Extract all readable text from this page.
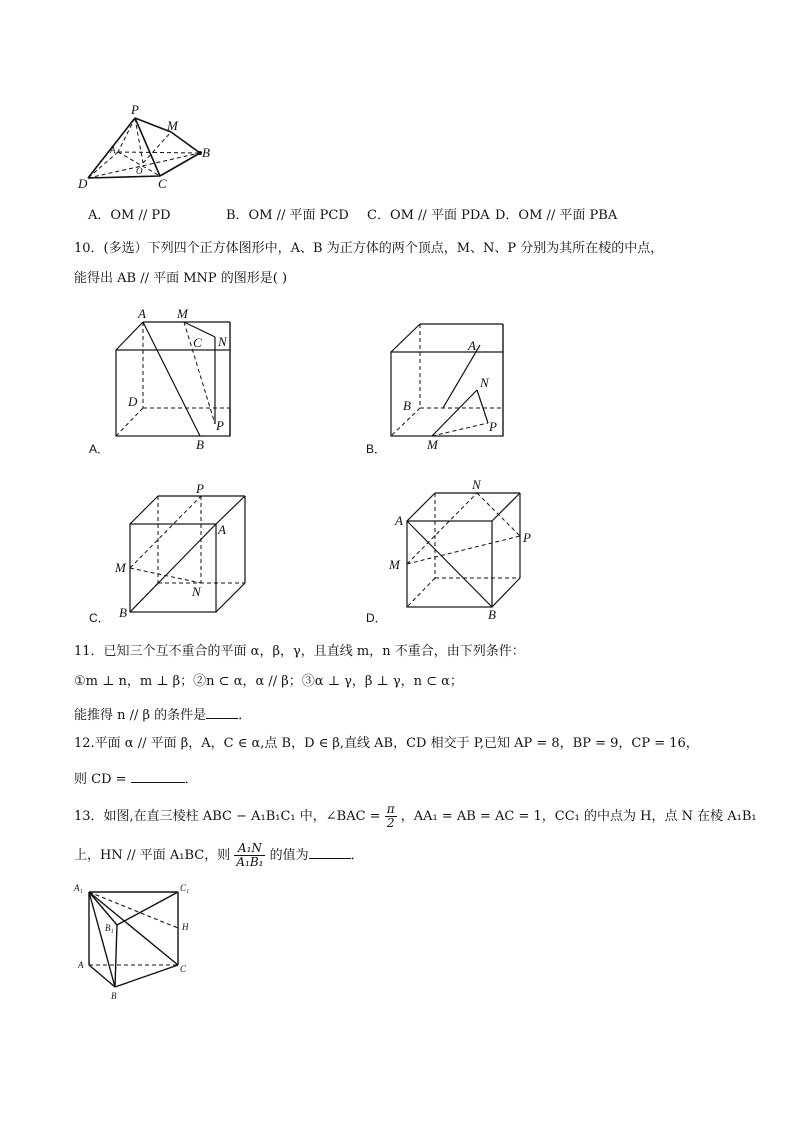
P
M
A	B
O
D	C
A．OM // PD	B．OM // 平面 PCD C．OM // 平面 PDA D．OM // 平面 PBA
10．(多选）下列四个正方体图形中，A、B 为正方体的两个顶点，M、N、P 分别为其所在棱的中点，
能得出 AB // 平面 MNP 的图形是( )
A M
C N
D
B
P
A．
A
N
B
P
M
B．
P
A
M
N
B
C．
N
A
P
M
B
D．
11．已知三个互不重合的平面 α，β，γ，且直线 m，n 不重合，由下列条件：
①m ⊥ n，m ⊥ β；②n ⊂ α，α // β；③α ⊥ γ，β ⊥ γ，n ⊂ α；
能推得 n // β 的条件是 ．
12.平面 α // 平面 β，A，C ∈ α,点 B，D ∈ β,直线 AB，CD 相交于 P,已知 AP = 8，BP = 9，CP = 16，
则 CD =	．
13．如图,在直三棱柱 ABC − A₁B₁C₁ 中，∠BAC = $\frac{\pi}{2}$ ，AA₁ = AB = AC = 1，CC₁ 的中点为 H，点 N 在棱 A₁B₁
上，HN // 平面 A₁BC，则 $\frac{\text{A₁N}}{\text{A₁B₁}}$ 的值为	．
A₁	C₁
B₁	H
A	C
B
